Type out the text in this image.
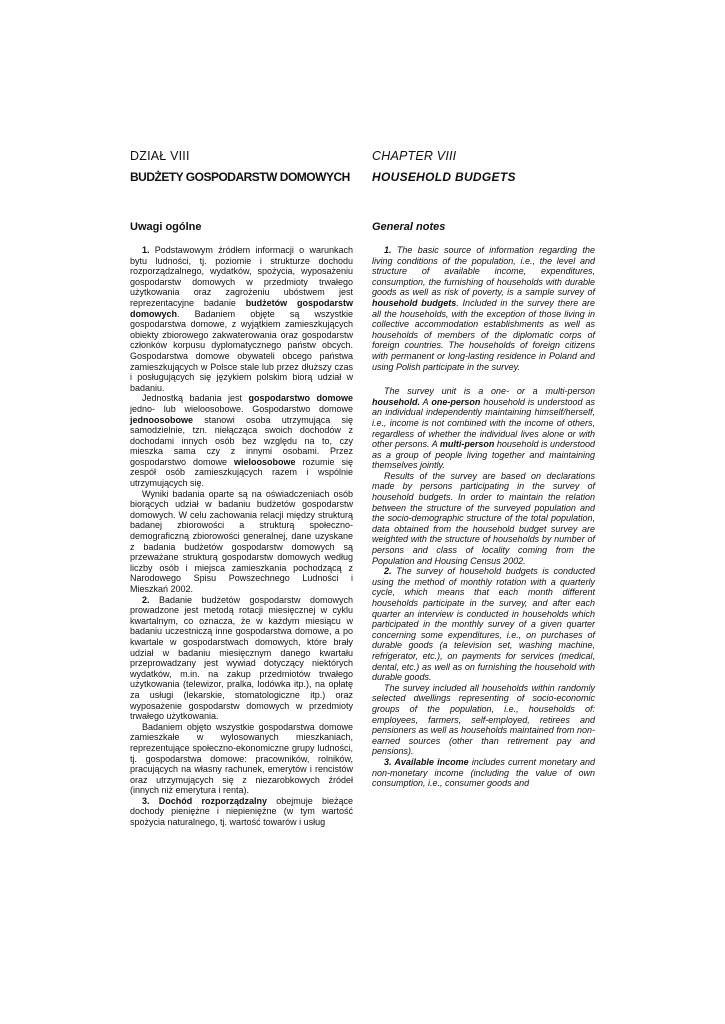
DZIAŁ VIII
BUDŻETY GOSPODARSTW DOMOWYCH
Uwagi ogólne

1. Podstawowym źródłem informacji o warunkach bytu ludności, tj. poziomie i strukturze dochodu rozporządzalnego, wydatków, spożycia, wyposażeniu gospodarstw domowych w przedmioty trwałego użytkowania oraz zagrożeniu ubóstwem jest reprezentacyjne badanie budżetów gospodarstw domowych. Badaniem objęte są wszystkie gospodarstwa domowe, z wyjątkiem zamieszkujących obiekty zbiorowego zakwaterowania oraz gospodarstw członków korpusu dyplomatycznego państw obcych. Gospodarstwa domowe obywateli obcego państwa zamieszkujących w Polsce stale lub przez dłuższy czas i posługujących się językiem polskim biorą udział w badaniu.

Jednostką badania jest gospodarstwo domowe jedno- lub wieloosobowe. Gospodarstwo domowe jednoosobowe stanowi osoba utrzymująca się samodzielnie, tzn. niełącząca swoich dochodów z dochodami innych osób bez względu na to, czy mieszka sama czy z innymi osobami. Przez gospodarstwo domowe wieloosobowe rozumie się zespół osób zamieszkujących razem i wspólnie utrzymujących się.

Wyniki badania oparte są na oświadczeniach osób biorących udział w badaniu budżetów gospodarstw domowych. W celu zachowania relacji między strukturą badanej zbiorowości a strukturą społeczno-demograficzną zbiorowości generalnej, dane uzyskane z badania budżetów gospodarstw domowych są przeważane strukturą gospodarstw domowych według liczby osób i miejsca zamieszkania pochodzącą z Narodowego Spisu Powszechnego Ludności i Mieszkań 2002.

2. Badanie budżetów gospodarstw domowych prowadzone jest metodą rotacji miesięcznej w cyklu kwartalnym, co oznacza, że w każdym miesiącu w badaniu uczestniczą inne gospodarstwa domowe, a po kwartale w gospodarstwach domowych, które brały udział w badaniu miesięcznym danego kwartału przeprowadzany jest wywiad dotyczący niektórych wydatków, m.in. na zakup przedmiotów trwałego użytkowania (telewizor, pralka, lodówka itp.), na opłatę za usługi (lekarskie, stomatologiczne itp.) oraz wyposażenie gospodarstw domowych w przedmioty trwałego użytkowania.

Badaniem objęto wszystkie gospodarstwa domowe zamieszkałe w wylosowanych mieszkaniach, reprezentujące społeczno-ekonomiczne grupy ludności, tj. gospodarstwa domowe: pracowników, rolników, pracujących na własny rachunek, emerytów i rencistów oraz utrzymujących się z niezarobkowych źródeł (innych niż emerytura i renta).

3. Dochód rozporządzalny obejmuje bieżące dochody pieniężne i niepieniężne (w tym wartość spożycia naturalnego, tj. wartość towarów i usług

CHAPTER VIII
HOUSEHOLD BUDGETS
General notes

1. The basic source of information regarding the living conditions of the population, i.e., the level and structure of available income, expenditures, consumption, the furnishing of households with durable goods as well as risk of poverty, is a sample survey of household budgets. Included in the survey there are all the households, with the exception of those living in collective accommodation establishments as well as households of members of the diplomatic corps of foreign countries. The households of foreign citizens with permanent or long-lasting residence in Poland and using Polish participate in the survey.

The survey unit is a one- or a multi-person household. A one-person household is understood as an individual independently maintaining himself/herself, i.e., income is not combined with the income of others, regardless of whether the individual lives alone or with other persons. A multi-person household is understood as a group of people living together and maintaining themselves jointly.

Results of the survey are based on declarations made by persons participating in the survey of household budgets. In order to maintain the relation between the structure of the surveyed population and the socio-demographic structure of the total population, data obtained from the household budget survey are weighted with the structure of households by number of persons and class of locality coming from the Population and Housing Census 2002.

2. The survey of household budgets is conducted using the method of monthly rotation with a quarterly cycle, which means that each month different households participate in the survey, and after each quarter an interview is conducted in households which participated in the monthly survey of a given quarter concerning some expenditures, i.e., on purchases of durable goods (a television set, washing machine, refrigerator, etc.), on payments for services (medical, dental, etc.) as well as on furnishing the household with durable goods.

The survey included all households within randomly selected dwellings representing of socio-economic groups of the population, i.e., households of: employees, farmers, self-employed, retirees and pensioners as well as households maintained from non-earned sources (other than retirement pay and pensions).

3. Available income includes current monetary and non-monetary income (including the value of own consumption, i.e., consumer goods and
